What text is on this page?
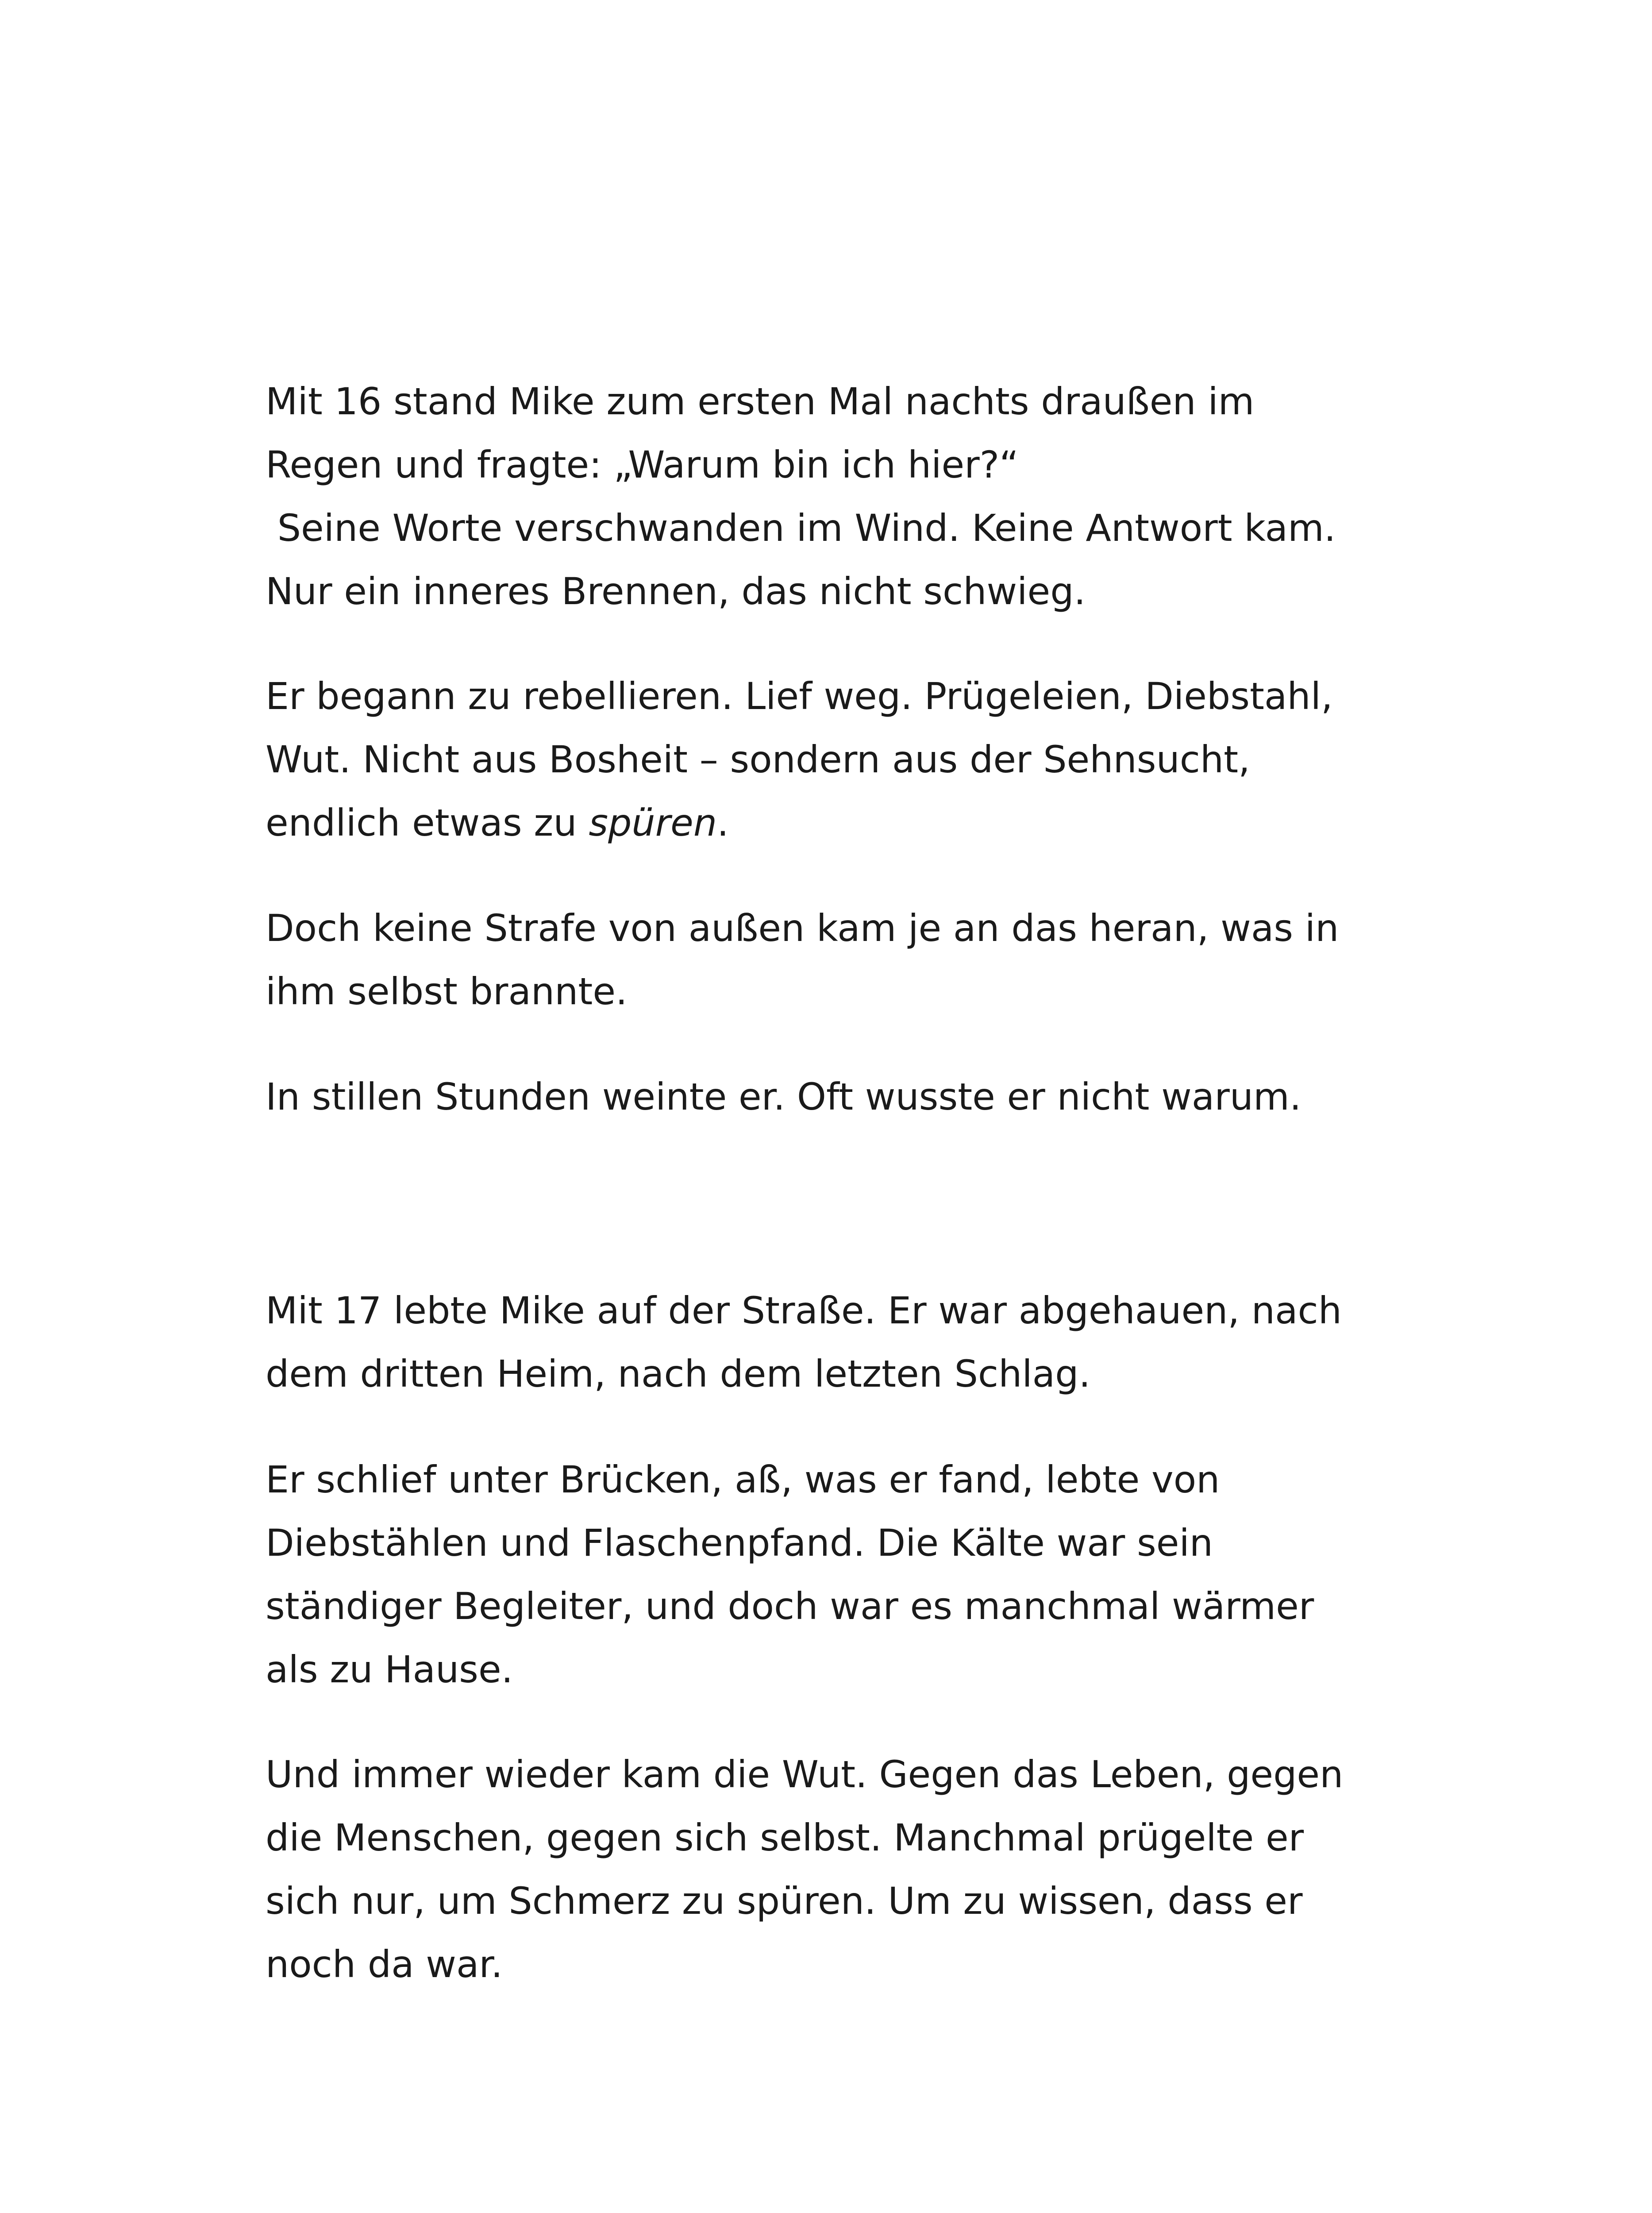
Mit 16 stand Mike zum ersten Mal nachts draußen im
Regen und fragte: „Warum bin ich hier?“
Seine Worte verschwanden im Wind. Keine Antwort kam.
Nur ein inneres Brennen, das nicht schwieg.
Er begann zu rebellieren. Lief weg. Prügeleien, Diebstahl,
Wut. Nicht aus Bosheit – sondern aus der Sehnsucht,
endlich etwas zu spüren.
Doch keine Strafe von außen kam je an das heran, was in
ihm selbst brannte.
In stillen Stunden weinte er. Oft wusste er nicht warum.
Mit 17 lebte Mike auf der Straße. Er war abgehauen, nach
dem dritten Heim, nach dem letzten Schlag.
Er schlief unter Brücken, aß, was er fand, lebte von
Diebstählen und Flaschenpfand. Die Kälte war sein
ständiger Begleiter, und doch war es manchmal wärmer
als zu Hause.
Und immer wieder kam die Wut. Gegen das Leben, gegen
die Menschen, gegen sich selbst. Manchmal prügelte er
sich nur, um Schmerz zu spüren. Um zu wissen, dass er
noch da war.
